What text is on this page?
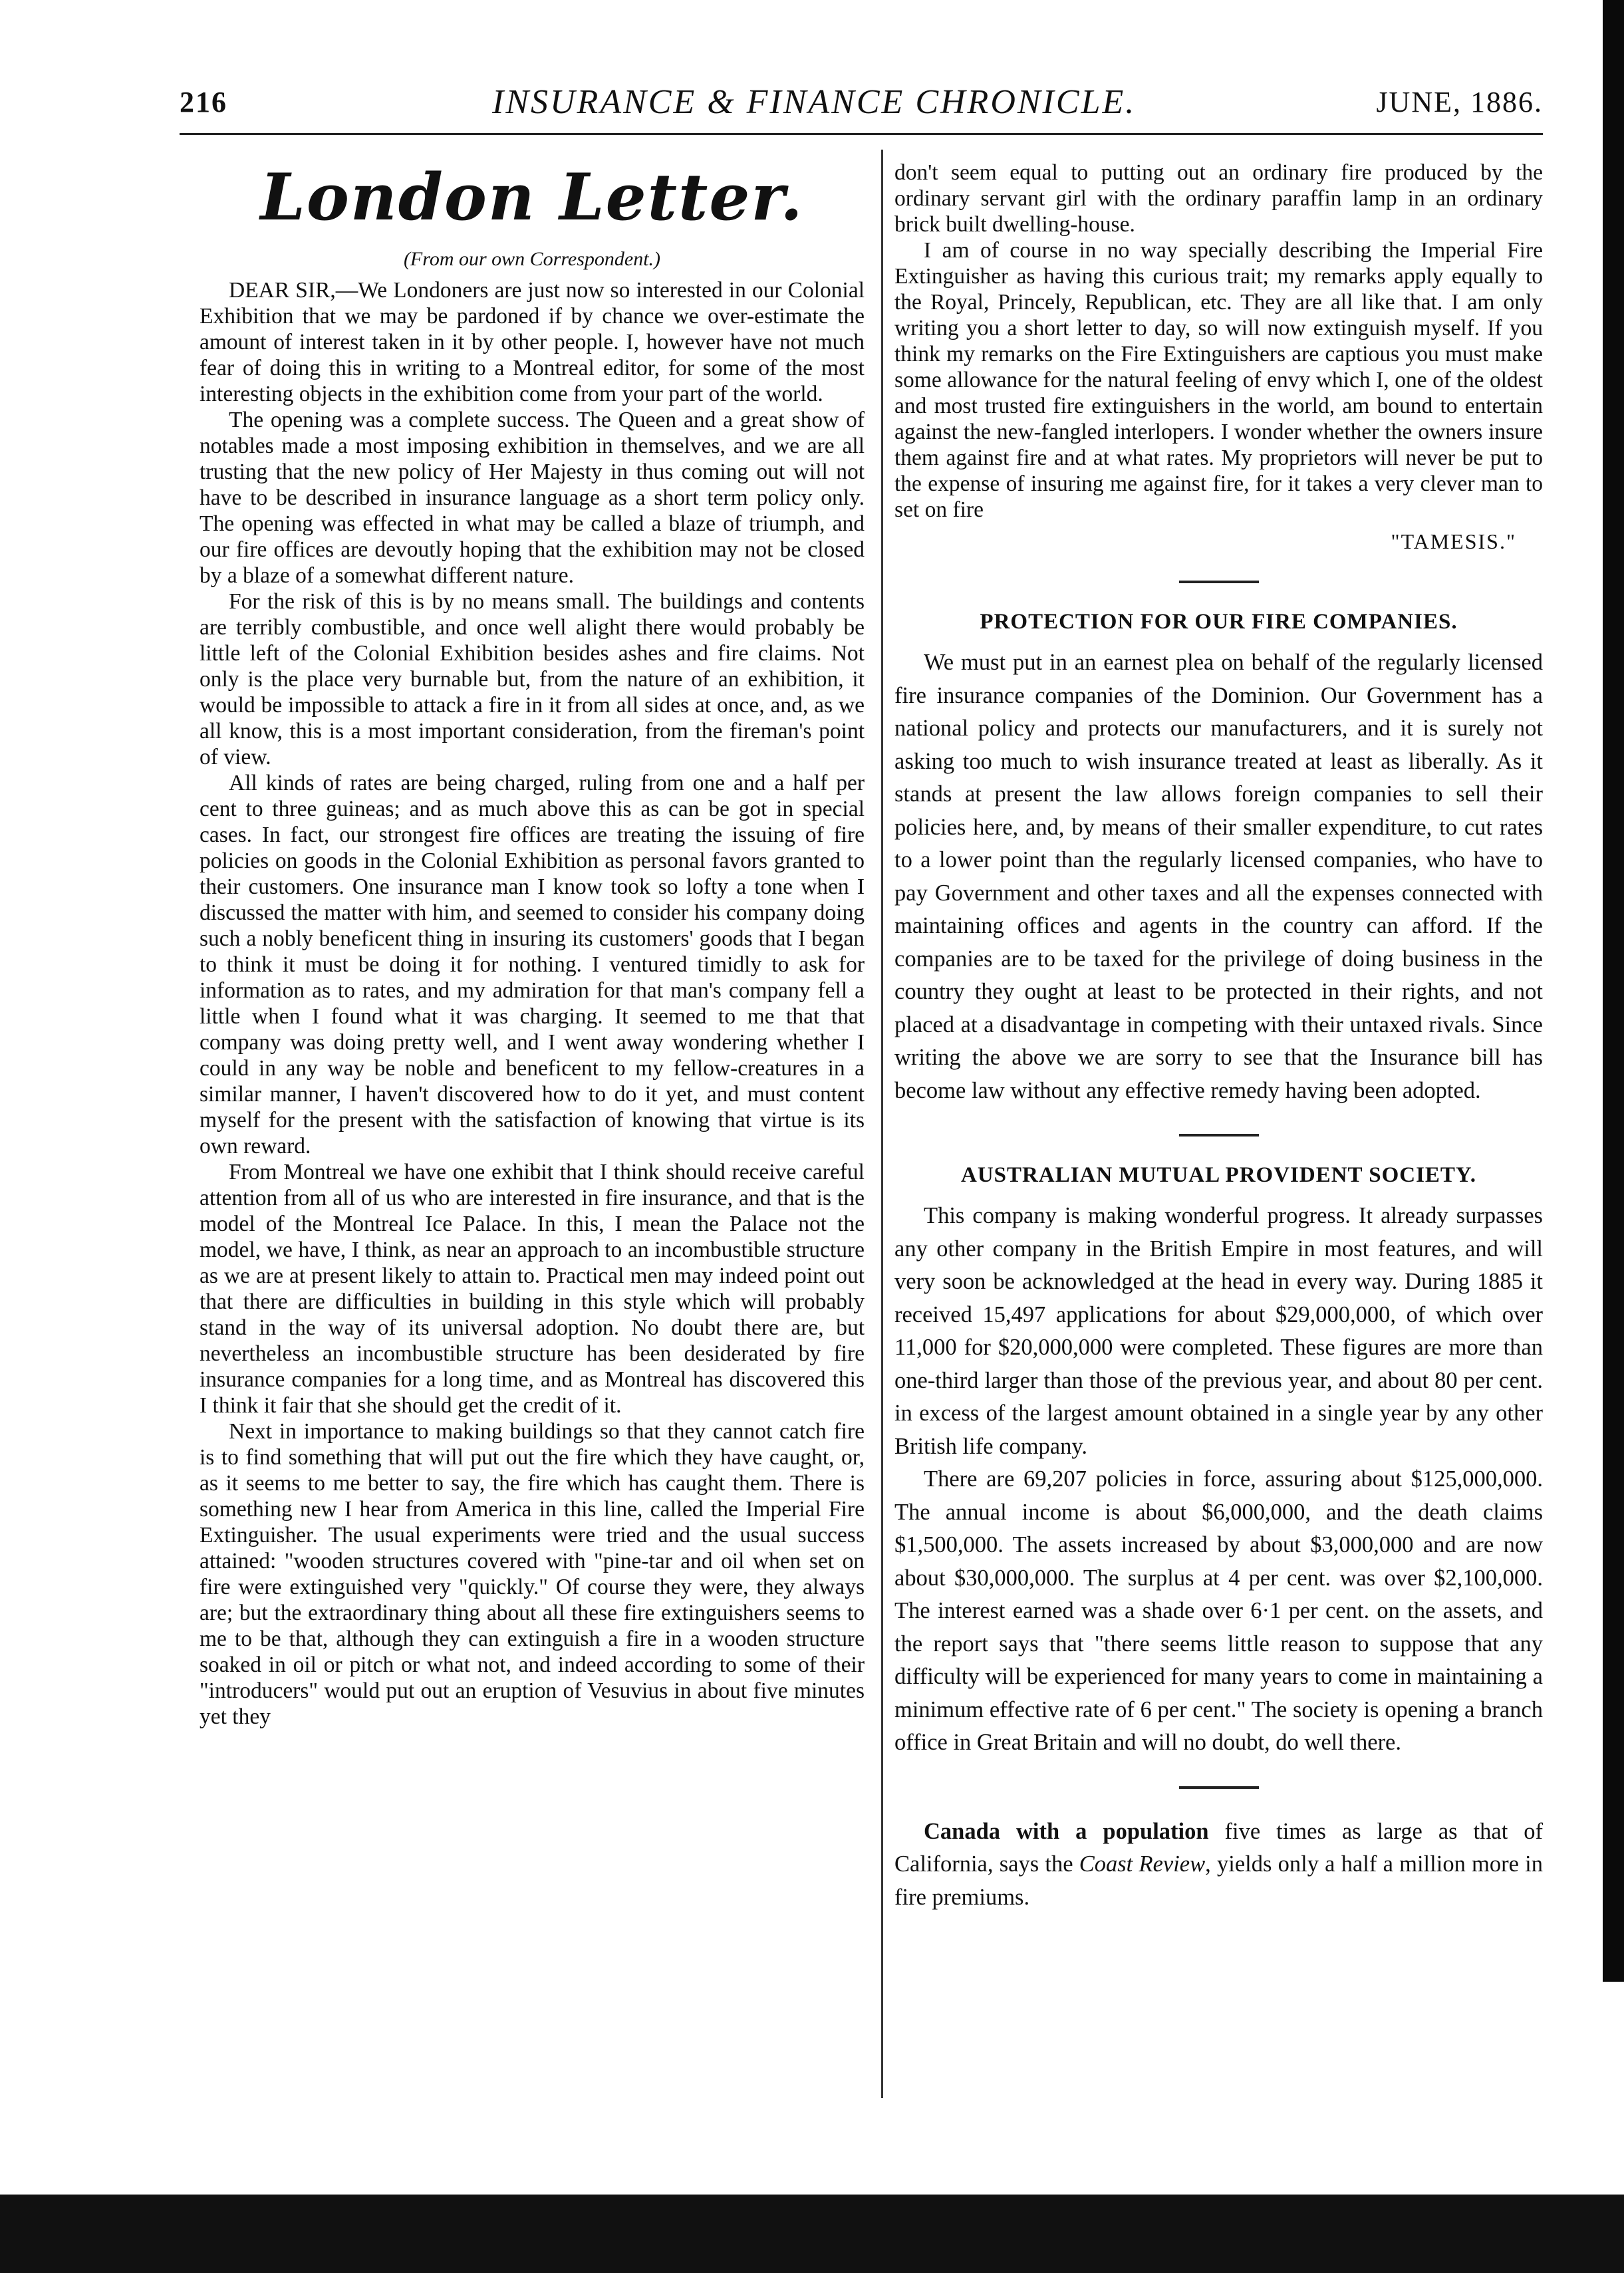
216	INSURANCE & FINANCE CHRONICLE.	JUNE, 1886.
London Letter.
(From our own Correspondent.)

DEAR SIR,—We Londoners are just now so interested in our Colonial Exhibition that we may be pardoned if by chance we over-estimate the amount of interest taken in it by other people. I, however have not much fear of doing this in writing to a Montreal editor, for some of the most interesting objects in the exhibition come from your part of the world.

The opening was a complete success. The Queen and a great show of notables made a most imposing exhibition in themselves, and we are all trusting that the new policy of Her Majesty in thus coming out will not have to be described in insurance language as a short term policy only. The opening was effected in what may be called a blaze of triumph, and our fire offices are devoutly hoping that the exhibition may not be closed by a blaze of a somewhat different nature.

For the risk of this is by no means small. The buildings and contents are terribly combustible, and once well alight there would probably be little left of the Colonial Exhibition besides ashes and fire claims. Not only is the place very burnable but, from the nature of an exhibition, it would be impossible to attack a fire in it from all sides at once, and, as we all know, this is a most important consideration, from the fireman's point of view.

All kinds of rates are being charged, ruling from one and a half per cent to three guineas; and as much above this as can be got in special cases. In fact, our strongest fire offices are treating the issuing of fire policies on goods in the Colonial Exhibition as personal favors granted to their customers. One insurance man I know took so lofty a tone when I discussed the matter with him, and seemed to consider his company doing such a nobly beneficent thing in insuring its customers' goods that I began to think it must be doing it for nothing. I ventured timidly to ask for information as to rates, and my admiration for that man's company fell a little when I found what it was charging. It seemed to me that that company was doing pretty well, and I went away wondering whether I could in any way be noble and beneficent to my fellow-creatures in a similar manner, I haven't discovered how to do it yet, and must content myself for the present with the satisfaction of knowing that virtue is its own reward.

From Montreal we have one exhibit that I think should receive careful attention from all of us who are interested in fire insurance, and that is the model of the Montreal Ice Palace. In this, I mean the Palace not the model, we have, I think, as near an approach to an incombustible structure as we are at present likely to attain to. Practical men may indeed point out that there are difficulties in building in this style which will probably stand in the way of its universal adoption. No doubt there are, but nevertheless an incombustible structure has been desiderated by fire insurance companies for a long time, and as Montreal has discovered this I think it fair that she should get the credit of it.

Next in importance to making buildings so that they cannot catch fire is to find something that will put out the fire which they have caught, or, as it seems to me better to say, the fire which has caught them. There is something new I hear from America in this line, called the Imperial Fire Extinguisher. The usual experiments were tried and the usual success attained: "wooden structures covered with "pine-tar and oil when set on fire were extinguished very "quickly." Of course they were, they always are; but the extraordinary thing about all these fire extinguishers seems to me to be that, although they can extinguish a fire in a wooden structure soaked in oil or pitch or what not, and indeed according to some of their "introducers" would put out an eruption of Vesuvius in about five minutes yet they

don't seem equal to putting out an ordinary fire produced by the ordinary servant girl with the ordinary paraffin lamp in an ordinary brick built dwelling-house.

I am of course in no way specially describing the Imperial Fire Extinguisher as having this curious trait; my remarks apply equally to the Royal, Princely, Republican, etc. They are all like that. I am only writing you a short letter to day, so will now extinguish myself. If you think my remarks on the Fire Extinguishers are captious you must make some allowance for the natural feeling of envy which I, one of the oldest and most trusted fire extinguishers in the world, am bound to entertain against the new-fangled interlopers. I wonder whether the owners insure them against fire and at what rates. My proprietors will never be put to the expense of insuring me against fire, for it takes a very clever man to set on fire

"TAMESIS."
PROTECTION FOR OUR FIRE COMPANIES.

We must put in an earnest plea on behalf of the regularly licensed fire insurance companies of the Dominion. Our Government has a national policy and protects our manufacturers, and it is surely not asking too much to wish insurance treated at least as liberally. As it stands at present the law allows foreign companies to sell their policies here, and, by means of their smaller expenditure, to cut rates to a lower point than the regularly licensed companies, who have to pay Government and other taxes and all the expenses connected with maintaining offices and agents in the country can afford. If the companies are to be taxed for the privilege of doing business in the country they ought at least to be protected in their rights, and not placed at a disadvantage in competing with their untaxed rivals. Since writing the above we are sorry to see that the Insurance bill has become law without any effective remedy having been adopted.

AUSTRALIAN MUTUAL PROVIDENT SOCIETY.

This company is making wonderful progress. It already surpasses any other company in the British Empire in most features, and will very soon be acknowledged at the head in every way. During 1885 it received 15,497 applications for about $29,000,000, of which over 11,000 for $20,000,000 were completed. These figures are more than one-third larger than those of the previous year, and about 80 per cent. in excess of the largest amount obtained in a single year by any other British life company.

There are 69,207 policies in force, assuring about $125,000,000. The annual income is about $6,000,000, and the death claims $1,500,000. The assets increased by about $3,000,000 and are now about $30,000,000. The surplus at 4 per cent. was over $2,100,000. The interest earned was a shade over 6·1 per cent. on the assets, and the report says that "there seems little reason to suppose that any difficulty will be experienced for many years to come in maintaining a minimum effective rate of 6 per cent." The society is opening a branch office in Great Britain and will no doubt, do well there.

Canada with a population five times as large as that of California, says the Coast Review, yields only a half a million more in fire premiums.
